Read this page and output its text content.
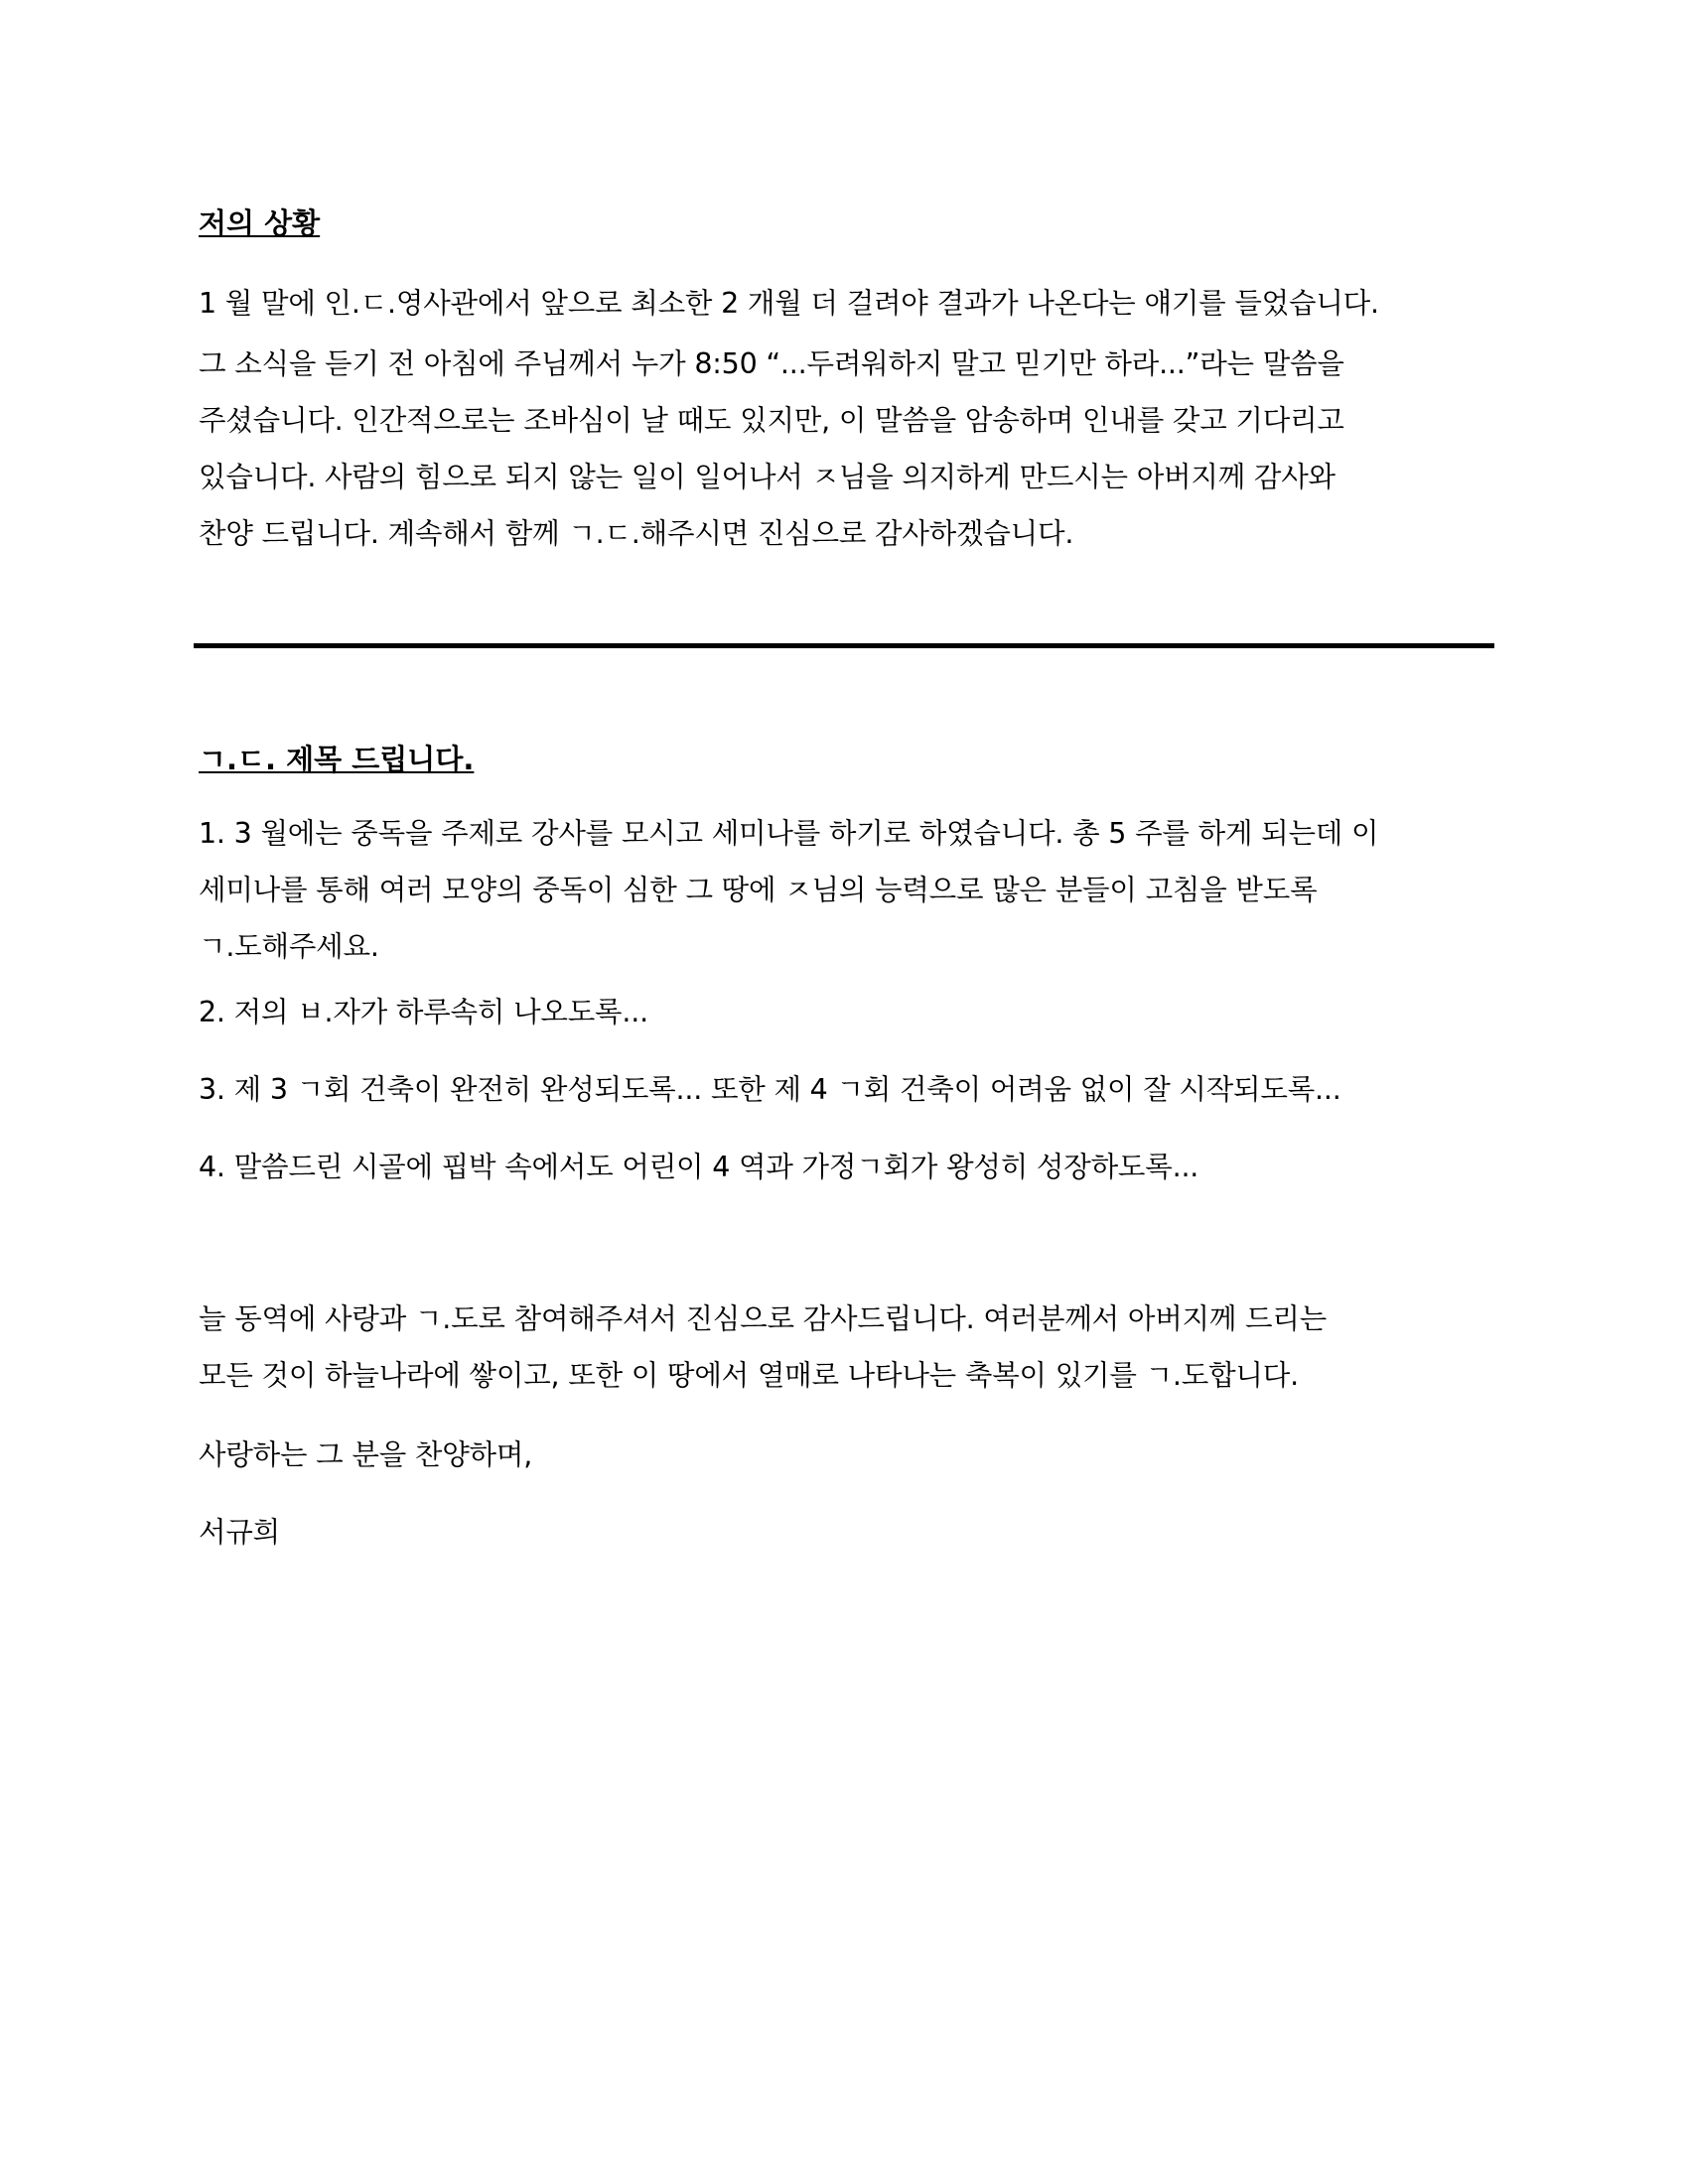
저의 상황

1 월 말에 인.ㄷ.영사관에서 앞으로 최소한 2 개월 더 걸려야 결과가 나온다는 얘기를 들었습니다.

그 소식을 듣기 전 아침에 주님께서 누가 8:50 “...두려워하지 말고 믿기만 하라...”라는 말씀을

주셨습니다. 인간적으로는 조바심이 날 때도 있지만, 이 말씀을 암송하며 인내를 갖고 기다리고

있습니다. 사람의 힘으로 되지 않는 일이 일어나서 ㅈ님을 의지하게 만드시는 아버지께 감사와

찬양 드립니다. 계속해서 함께 ㄱ.ㄷ.해주시면 진심으로 감사하겠습니다.

ㄱ.ㄷ. 제목 드립니다.

1. 3 월에는 중독을 주제로 강사를 모시고 세미나를 하기로 하였습니다. 총 5 주를 하게 되는데 이

세미나를 통해 여러 모양의 중독이 심한 그 땅에 ㅈ님의 능력으로 많은 분들이 고침을 받도록

ㄱ.도해주세요.

2. 저의 ㅂ.자가 하루속히 나오도록...

3. 제 3 ㄱ회 건축이 완전히 완성되도록... 또한 제 4 ㄱ회 건축이 어려움 없이 잘 시작되도록...

4. 말씀드린 시골에 핍박 속에서도 어린이 4 역과 가정ㄱ회가 왕성히 성장하도록...

늘 동역에 사랑과 ㄱ.도로 참여해주셔서 진심으로 감사드립니다. 여러분께서 아버지께 드리는

모든 것이 하늘나라에 쌓이고, 또한 이 땅에서 열매로 나타나는 축복이 있기를 ㄱ.도합니다.

사랑하는 그 분을 찬양하며,

서규희
